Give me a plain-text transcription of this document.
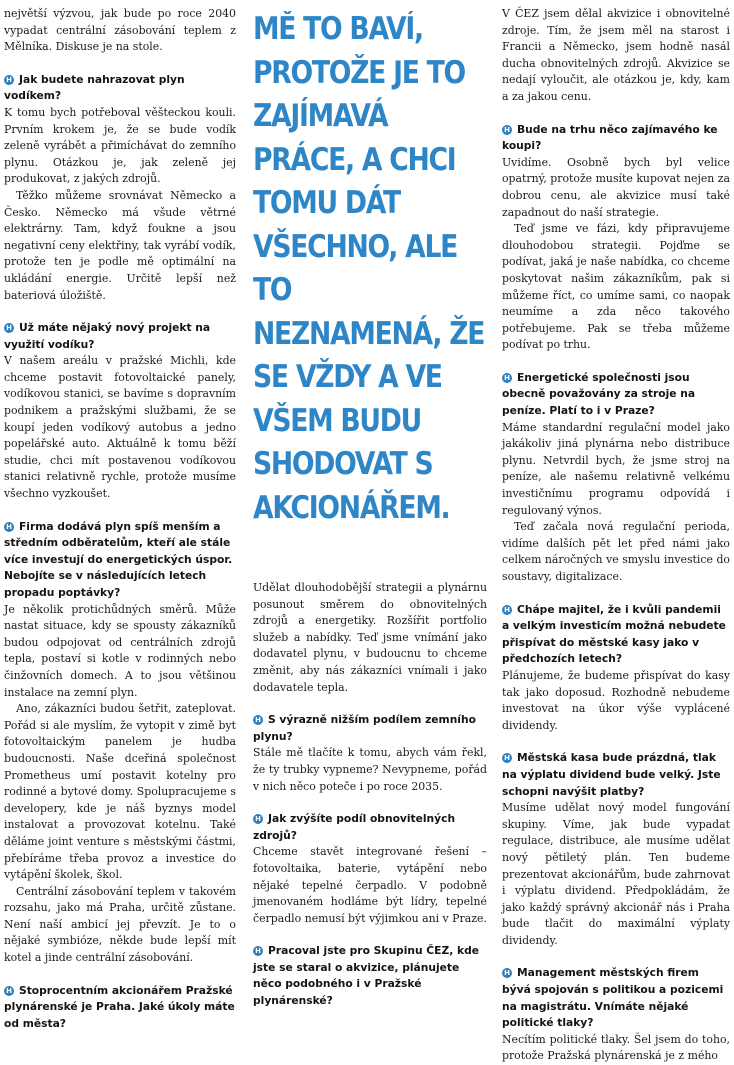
největší výzvou, jak bude po roce 2040 vypadat centrální zásobování teplem z Mělníka. Diskuse je na stole.

H Jak budete nahrazovat plyn vodíkem?

K tomu bych potřeboval věšteckou kouli. Prvním krokem je, že se bude vodík zeleně vyrábět a přimíchávat do zemního plynu. Otázkou je, jak zeleně jej produkovat, z jakých zdrojů.

Těžko můžeme srovnávat Německo a Česko. Německo má všude větrné elektrárny. Tam, když foukne a jsou negativní ceny elektřiny, tak vyrábí vodík, protože ten je podle mě optimální na ukládání energie. Určitě lepší než bateriová úložiště.

H Už máte nějaký nový projekt na využití vodíku?

V našem areálu v pražské Michli, kde chceme postavit fotovoltaické panely, vodíkovou stanici, se bavíme s dopravním podnikem a pražskými službami, že se koupí jeden vodíkový autobus a jedno popelářské auto. Aktuálně k tomu běží studie, chci mít postavenou vodíkovou stanici relativně rychle, protože musíme všechno vyzkoušet.

H Firma dodává plyn spíš menším a středním odběratelům, kteří ale stále více investují do energetických úspor. Nebojíte se v následujících letech propadu poptávky?

Je několik protichůdných směrů. Může nastat situace, kdy se spousty zákazníků budou odpojovat od centrálních zdrojů tepla, postaví si kotle v rodinných nebo činžovních domech. A to jsou většinou instalace na zemní plyn.

Ano, zákazníci budou šetřit, zateplovat. Pořád si ale myslím, že vytopit v zimě byt fotovoltaickým panelem je hudba budoucnosti. Naše dceřiná společnost Prometheus umí postavit kotelny pro rodinné a bytové domy. Spolupracujeme s developery, kde je náš byznys model instalovat a provozovat kotelnu. Také děláme joint venture s městskými částmi, přebíráme třeba provoz a investice do vytápění školek, škol.

Centrální zásobování teplem v takovém rozsahu, jako má Praha, určitě zůstane. Není naší ambicí jej převzít. Je to o nějaké symbióze, někde bude lepší mít kotel a jinde centrální zásobování.

H Stoprocentním akcionářem Pražské plynárenské je Praha. Jaké úkoly máte od města?
MĚ TO BAVÍ, PROTOŽE JE TO ZAJÍMAVÁ PRÁCE, A CHCI TOMU DÁT VŠECHNO, ALE TO NEZNAMENÁ, ŽE SE VŽDY A VE VŠEM BUDU SHODOVAT S AKCIONÁŘEM.

Udělat dlouhodobější strategii a plynárnu posunout směrem do obnovitelných zdrojů a energetiky. Rozšířit portfolio služeb a nabídky. Teď jsme vnímání jako dodavatel plynu, v budoucnu to chceme změnit, aby nás zákazníci vnímali i jako dodavatele tepla.

H S výrazně nižším podílem zemního plynu?

Stále mě tlačíte k tomu, abych vám řekl, že ty trubky vypneme? Nevypneme, pořád v nich něco poteče i po roce 2035.

H Jak zvýšíte podíl obnovitelných zdrojů?

Chceme stavět integrované řešení – fotovoltaika, baterie, vytápění nebo nějaké tepelné čerpadlo. V podobně jmenovaném hodláme být lídry, tepelné čerpadlo nemusí být výjimkou ani v Praze.

H Pracoval jste pro Skupinu ČEZ, kde jste se staral o akvizice, plánujete něco podobného i v Pražské plynárenské?

V ČEZ jsem dělal akvizice i obnovitelné zdroje. Tím, že jsem měl na starost i Francii a Německo, jsem hodně nasál ducha obnovitelných zdrojů. Akvizice se nedají vyloučit, ale otázkou je, kdy, kam a za jakou cenu.

H Bude na trhu něco zajímavého ke koupi?

Uvidíme. Osobně bych byl velice opatrný, protože musíte kupovat nejen za dobrou cenu, ale akvizice musí také zapadnout do naší strategie.

Teď jsme ve fázi, kdy připravujeme dlouhodobou strategii. Pojďme se podívat, jaká je naše nabídka, co chceme poskytovat našim zákazníkům, pak si můžeme říct, co umíme sami, co naopak neumíme a zda něco takového potřebujeme. Pak se třeba můžeme podívat po trhu.

H Energetické společnosti jsou obecně považovány za stroje na peníze. Platí to i v Praze?

Máme standardní regulační model jako jakákoliv jiná plynárna nebo distribuce plynu. Netvrdil bych, že jsme stroj na peníze, ale našemu relativně velkému investičnímu programu odpovídá i regulovaný výnos.

Teď začala nová regulační perioda, vidíme dalších pět let před námi jako celkem náročných ve smyslu investice do soustavy, digitalizace.

H Chápe majitel, že i kvůli pandemii a velkým investicím možná nebudete přispívat do městské kasy jako v předchozích letech?

Plánujeme, že budeme přispívat do kasy tak jako doposud. Rozhodně nebudeme investovat na úkor výše vyplácené dividendy.

H Městská kasa bude prázdná, tlak na výplatu dividend bude velký. Jste schopni navýšit platby?

Musíme udělat nový model fungování skupiny. Víme, jak bude vypadat regulace, distribuce, ale musíme udělat nový pětiletý plán. Ten budeme prezentovat akcionářům, bude zahrnovat i výplatu dividend. Předpokládám, že jako každý správný akcionář nás i Praha bude tlačit do maximální výplaty dividendy.

H Management městských firem bývá spojován s politikou a pozicemi na magistrátu. Vnímáte nějaké politické tlaky?

Necítím politické tlaky. Šel jsem do toho, protože Pražská plynárenská je z mého
